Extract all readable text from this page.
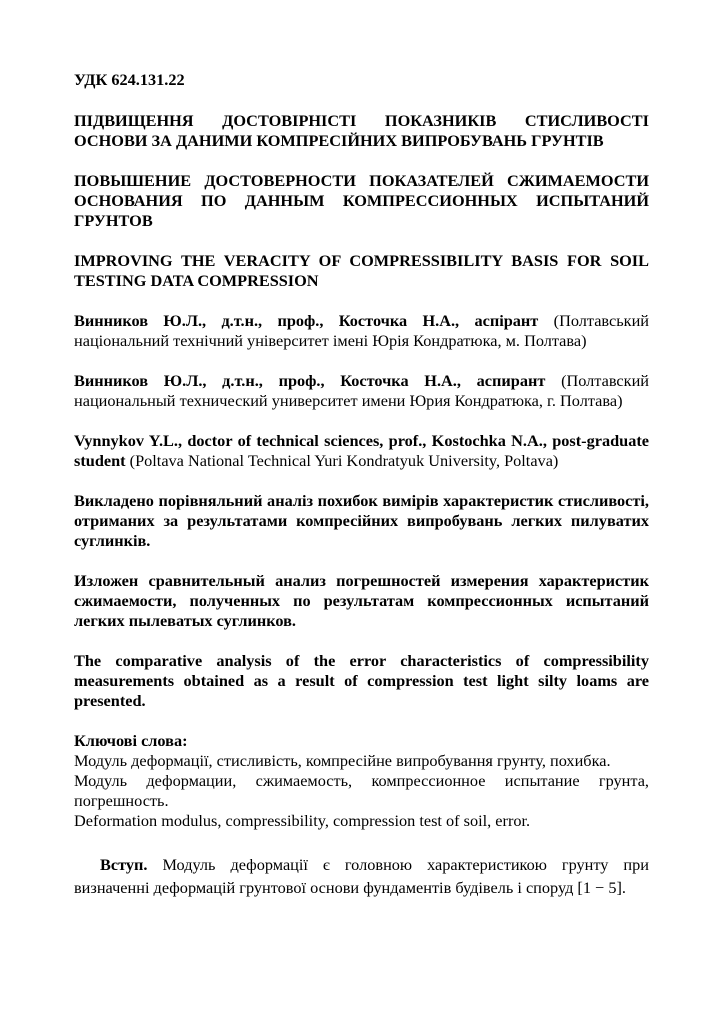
УДК 624.131.22

ПІДВИЩЕННЯ ДОСТОВІРНІСТІ ПОКАЗНИКІВ СТИСЛИВОСТІ ОСНОВИ ЗА ДАНИМИ КОМПРЕСІЙНИХ ВИПРОБУВАНЬ ГРУНТІВ

ПОВЫШЕНИЕ ДОСТОВЕРНОСТИ ПОКАЗАТЕЛЕЙ СЖИМАЕМОСТИ ОСНОВАНИЯ ПО ДАННЫМ КОМПРЕССИОННЫХ ИСПЫТАНИЙ ГРУНТОВ

IMPROVING THE VERACITY OF COMPRESSIBILITY BASIS FOR SOIL TESTING DATA COMPRESSION

Винников Ю.Л., д.т.н., проф., Косточка Н.А., аспірант (Полтавський національний технічний університет імені Юрія Кондратюка, м. Полтава)

Винников Ю.Л., д.т.н., проф., Косточка Н.А., аспирант (Полтавский национальный технический университет имени Юрия Кондратюка, г. Полтава)

Vynnykov Y.L., doctor of technical sciences, prof., Kostochka N.A., post-graduate student (Poltava National Technical Yuri Kondratyuk University, Poltava)

Викладено порівняльний аналіз похибок вимірів характеристик стисливості, отриманих за результатами компресійних випробувань легких пилуватих суглинків.

Изложен сравнительный анализ погрешностей измерения характеристик сжимаемости, полученных по результатам компрессионных испытаний легких пылеватых суглинков.

The comparative analysis of the error characteristics of compressibility measurements obtained as a result of compression test light silty loams are presented.

Ключові слова:

Модуль деформації, стисливість, компресійне випробування грунту, похибка.

Модуль деформации, сжимаемость, компрессионное испытание грунта, погрешность.

Deformation modulus, compressibility, compression test of soil, error.

Вступ. Модуль деформації є головною характеристикою грунту при визначенні деформацій грунтової основи фундаментів будівель і споруд [1 − 5].
